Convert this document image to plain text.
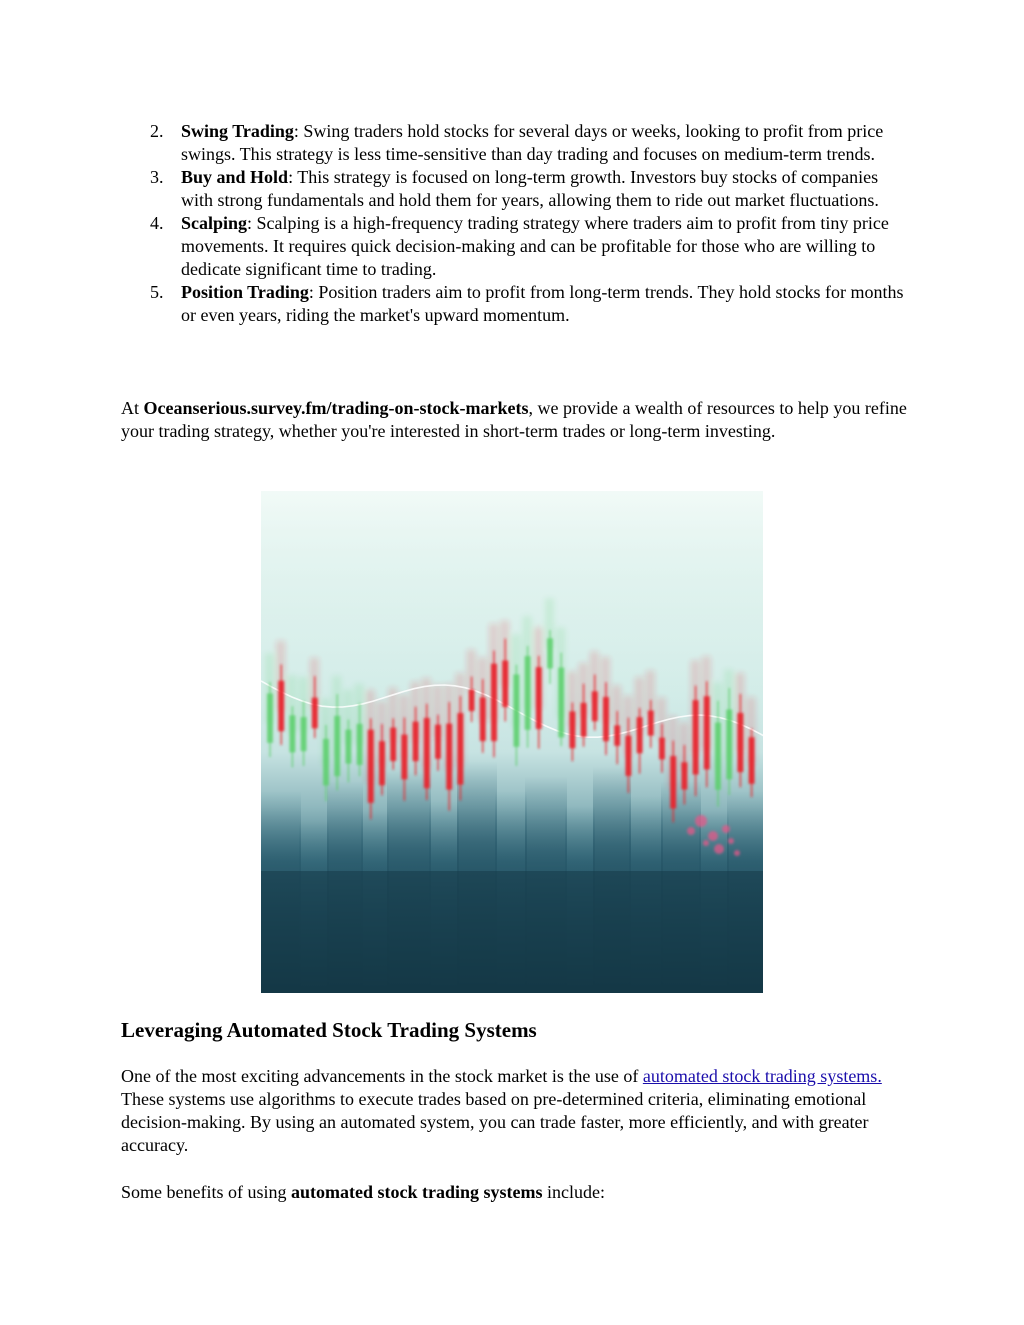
2. Swing Trading: Swing traders hold stocks for several days or weeks, looking to profit from price swings. This strategy is less time-sensitive than day trading and focuses on medium-term trends.
3. Buy and Hold: This strategy is focused on long-term growth. Investors buy stocks of companies with strong fundamentals and hold them for years, allowing them to ride out market fluctuations.
4. Scalping: Scalping is a high-frequency trading strategy where traders aim to profit from tiny price movements. It requires quick decision-making and can be profitable for those who are willing to dedicate significant time to trading.
5. Position Trading: Position traders aim to profit from long-term trends. They hold stocks for months or even years, riding the market's upward momentum.

At Oceanserious.survey.fm/trading-on-stock-markets, we provide a wealth of resources to help you refine your trading strategy, whether you're interested in short-term trades or long-term investing.

Leveraging Automated Stock Trading Systems

One of the most exciting advancements in the stock market is the use of automated stock trading systems. These systems use algorithms to execute trades based on pre-determined criteria, eliminating emotional decision-making. By using an automated system, you can trade faster, more efficiently, and with greater accuracy.

Some benefits of using automated stock trading systems include:
